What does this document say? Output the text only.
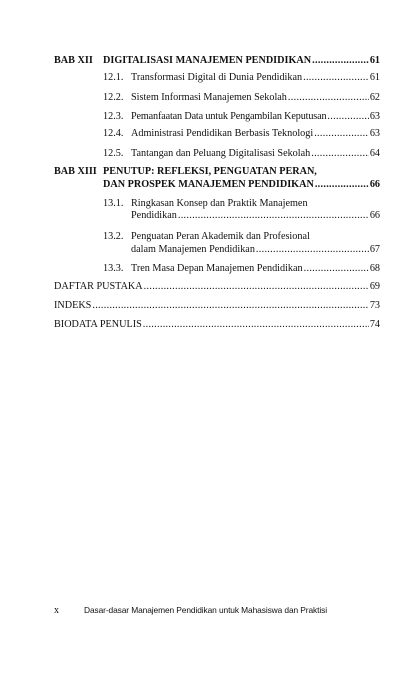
BAB XII DIGITALISASI MANAJEMEN PENDIDIKAN .....	61
12.1. Transformasi Digital di Dunia Pendidikan .....	61
12.2. Sistem Informasi Manajemen Sekolah .....	62
12.3. Pemanfaatan Data untuk Pengambilan Keputusan .....	63
12.4. Administrasi Pendidikan Berbasis Teknologi .....	63
12.5. Tantangan dan Peluang Digitalisasi Sekolah .....	64
BAB XIII PENUTUP: REFLEKSI, PENGUATAN PERAN,
DAN PROSPEK MANAJEMEN PENDIDIKAN .....	66
13.1. Ringkasan Konsep dan Praktik Manajemen
Pendidikan .....	66
13.2. Penguatan Peran Akademik dan Profesional
dalam Manajemen Pendidikan .....	67
13.3. Tren Masa Depan Manajemen Pendidikan .....	68
DAFTAR PUSTAKA .....	69
INDEKS .....	73
BIODATA PENULIS .....	74
x	Dasar-dasar Manajemen Pendidikan untuk Mahasiswa dan Praktisi
